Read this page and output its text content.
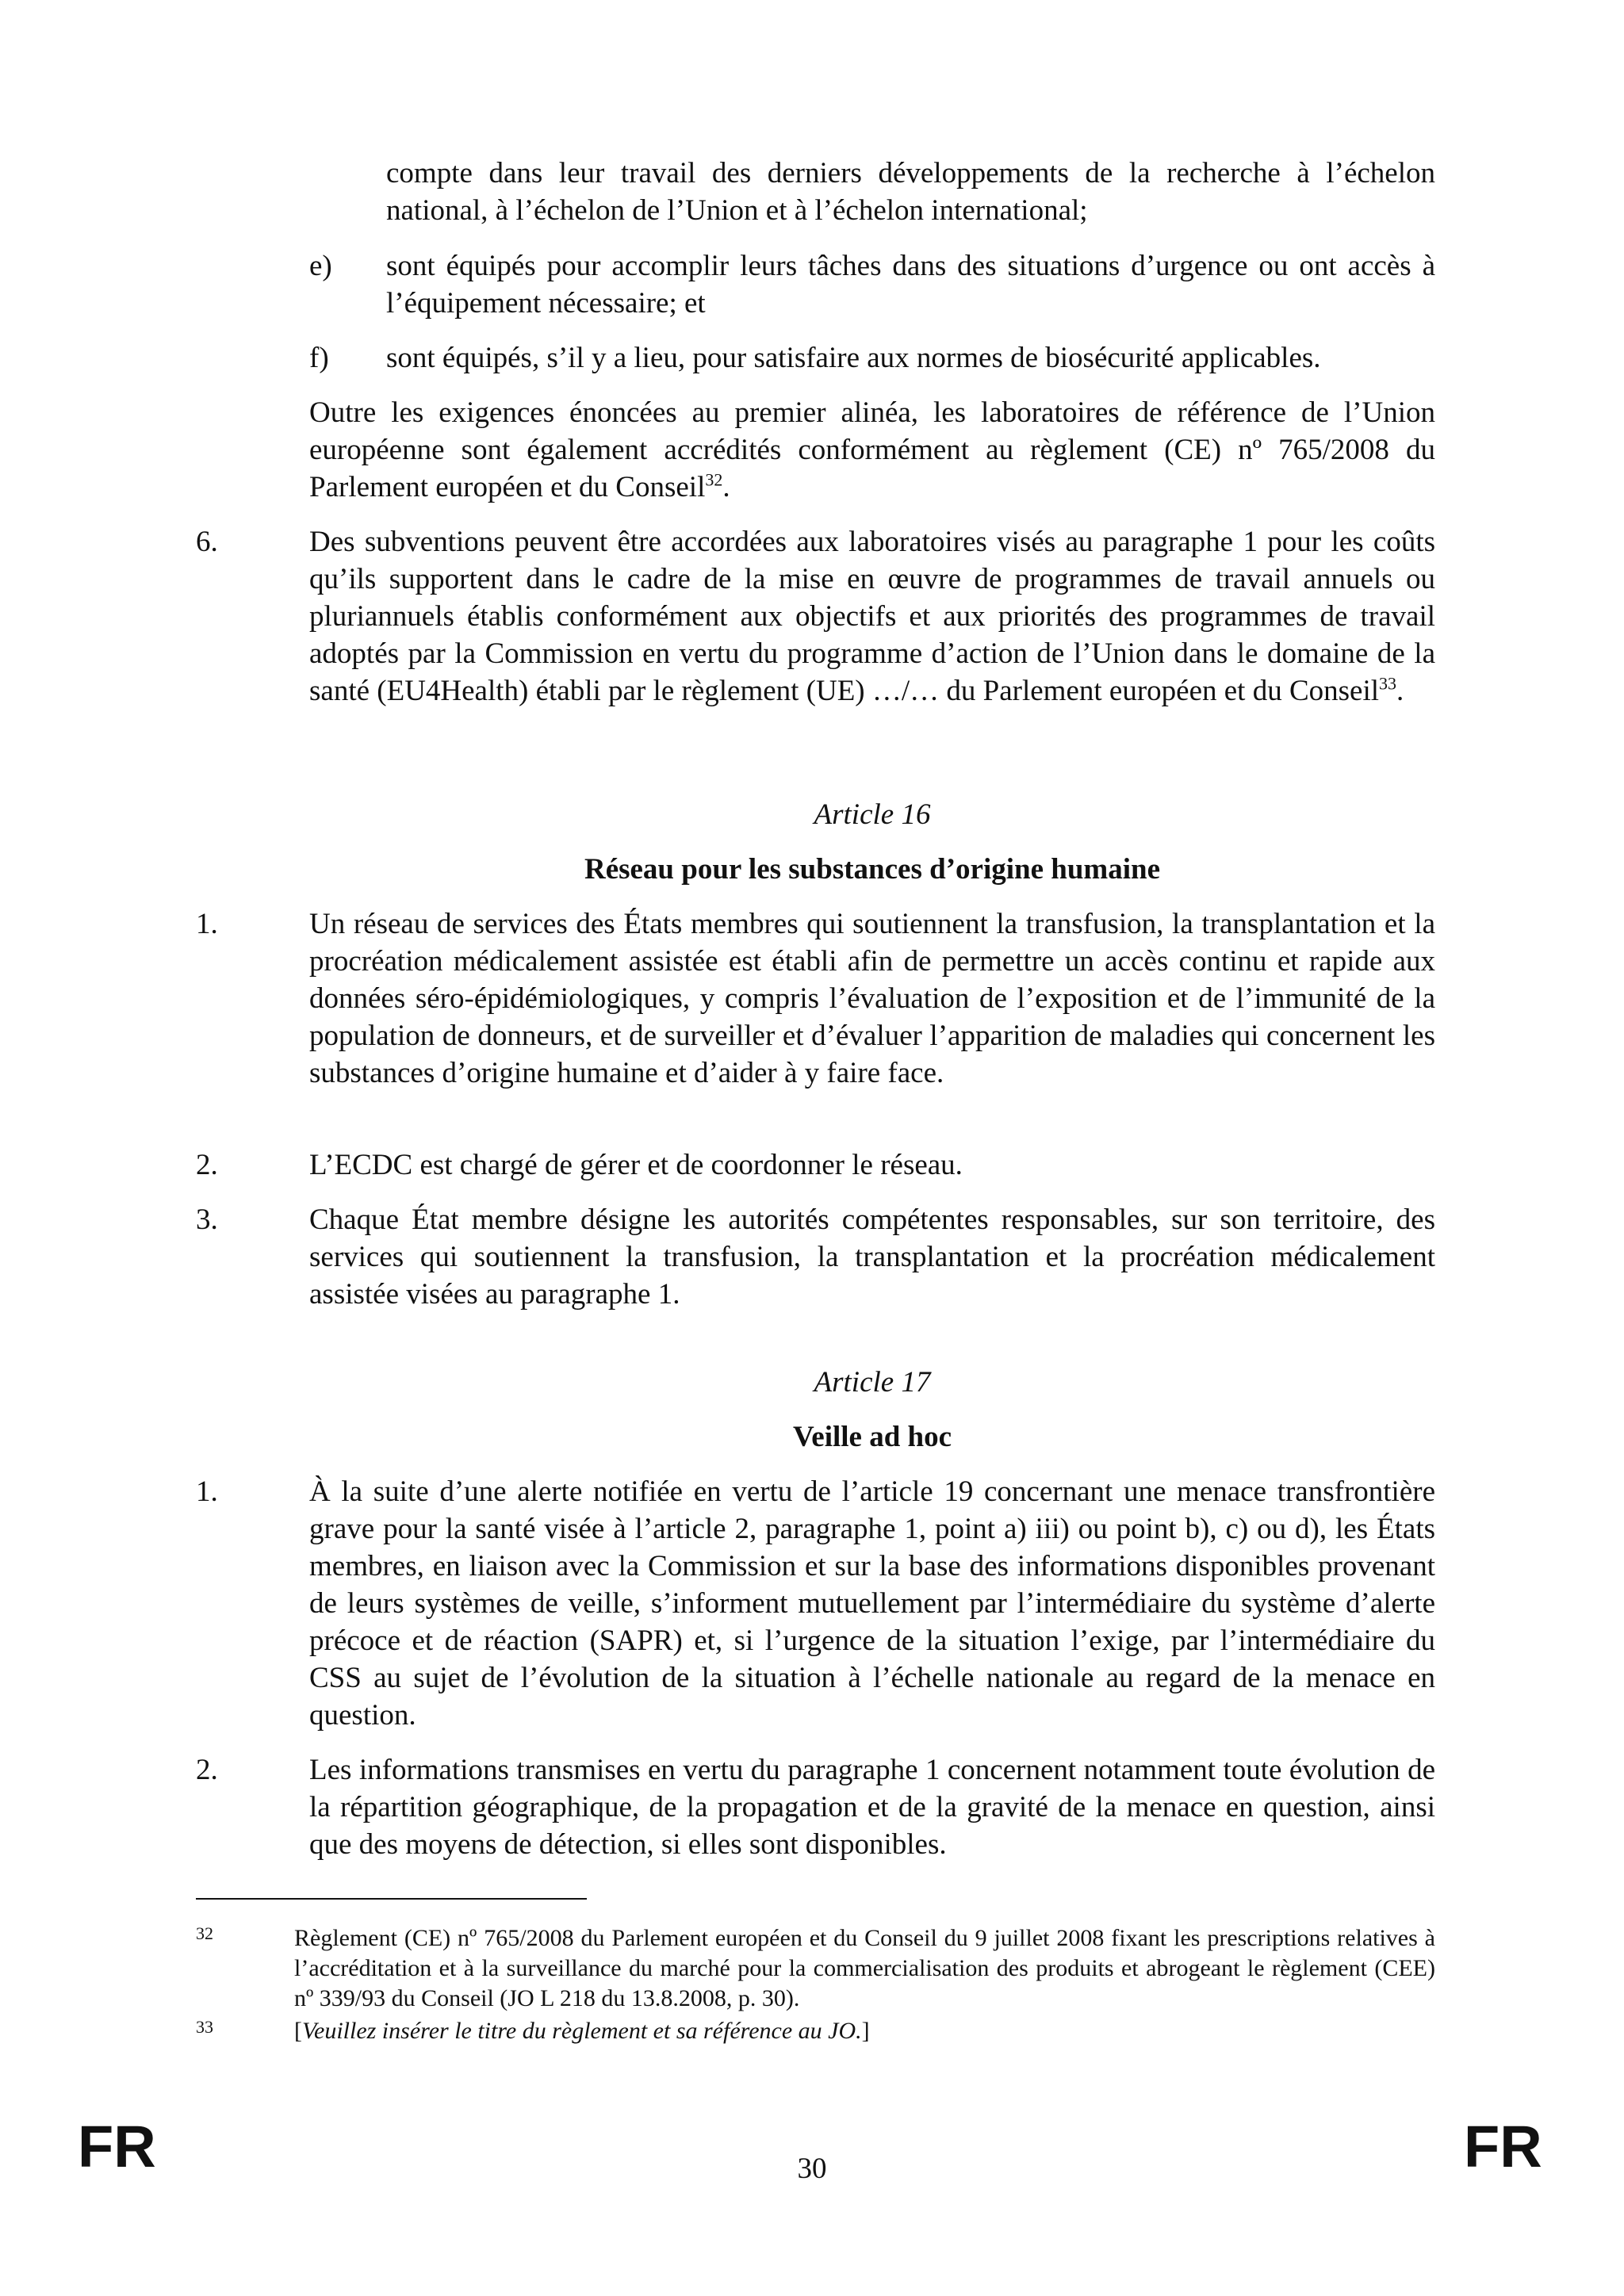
compte dans leur travail des derniers développements de la recherche à l’échelon national, à l’échelon de l’Union et à l’échelon international;
e) sont équipés pour accomplir leurs tâches dans des situations d’urgence ou ont accès à l’équipement nécessaire; et
f) sont équipés, s’il y a lieu, pour satisfaire aux normes de biosécurité applicables.
Outre les exigences énoncées au premier alinéa, les laboratoires de référence de l’Union européenne sont également accrédités conformément au règlement (CE) nº 765/2008 du Parlement européen et du Conseil$^{32}$.
6.	Des subventions peuvent être accordées aux laboratoires visés au paragraphe 1 pour les coûts qu’ils supportent dans le cadre de la mise en œuvre de programmes de travail annuels ou pluriannuels établis conformément aux objectifs et aux priorités des programmes de travail adoptés par la Commission en vertu du programme d’action de l’Union dans le domaine de la santé (EU4Health) établi par le règlement (UE) …/… du Parlement européen et du Conseil$^{33}$.
Article 16
Réseau pour les substances d’origine humaine
1.	Un réseau de services des États membres qui soutiennent la transfusion, la transplantation et la procréation médicalement assistée est établi afin de permettre un accès continu et rapide aux données séro-épidémiologiques, y compris l’évaluation de l’exposition et de l’immunité de la population de donneurs, et de surveiller et d’évaluer l’apparition de maladies qui concernent les substances d’origine humaine et d’aider à y faire face.
2.	L’ECDC est chargé de gérer et de coordonner le réseau.
3.	Chaque État membre désigne les autorités compétentes responsables, sur son territoire, des services qui soutiennent la transfusion, la transplantation et la procréation médicalement assistée visées au paragraphe 1.
Article 17
Veille ad hoc
1.	À la suite d’une alerte notifiée en vertu de l’article 19 concernant une menace transfrontière grave pour la santé visée à l’article 2, paragraphe 1, point a) iii) ou point b), c) ou d), les États membres, en liaison avec la Commission et sur la base des informations disponibles provenant de leurs systèmes de veille, s’informent mutuellement par l’intermédiaire du système d’alerte précoce et de réaction (SAPR) et, si l’urgence de la situation l’exige, par l’intermédiaire du CSS au sujet de l’évolution de la situation à l’échelle nationale au regard de la menace en question.
2.	Les informations transmises en vertu du paragraphe 1 concernent notamment toute évolution de la répartition géographique, de la propagation et de la gravité de la menace en question, ainsi que des moyens de détection, si elles sont disponibles.
32	Règlement (CE) nº 765/2008 du Parlement européen et du Conseil du 9 juillet 2008 fixant les prescriptions relatives à l’accréditation et à la surveillance du marché pour la commercialisation des produits et abrogeant le règlement (CEE) nº 339/93 du Conseil (JO L 218 du 13.8.2008, p. 30).
33	[Veuillez insérer le titre du règlement et sa référence au JO.]
FR	30	FR
